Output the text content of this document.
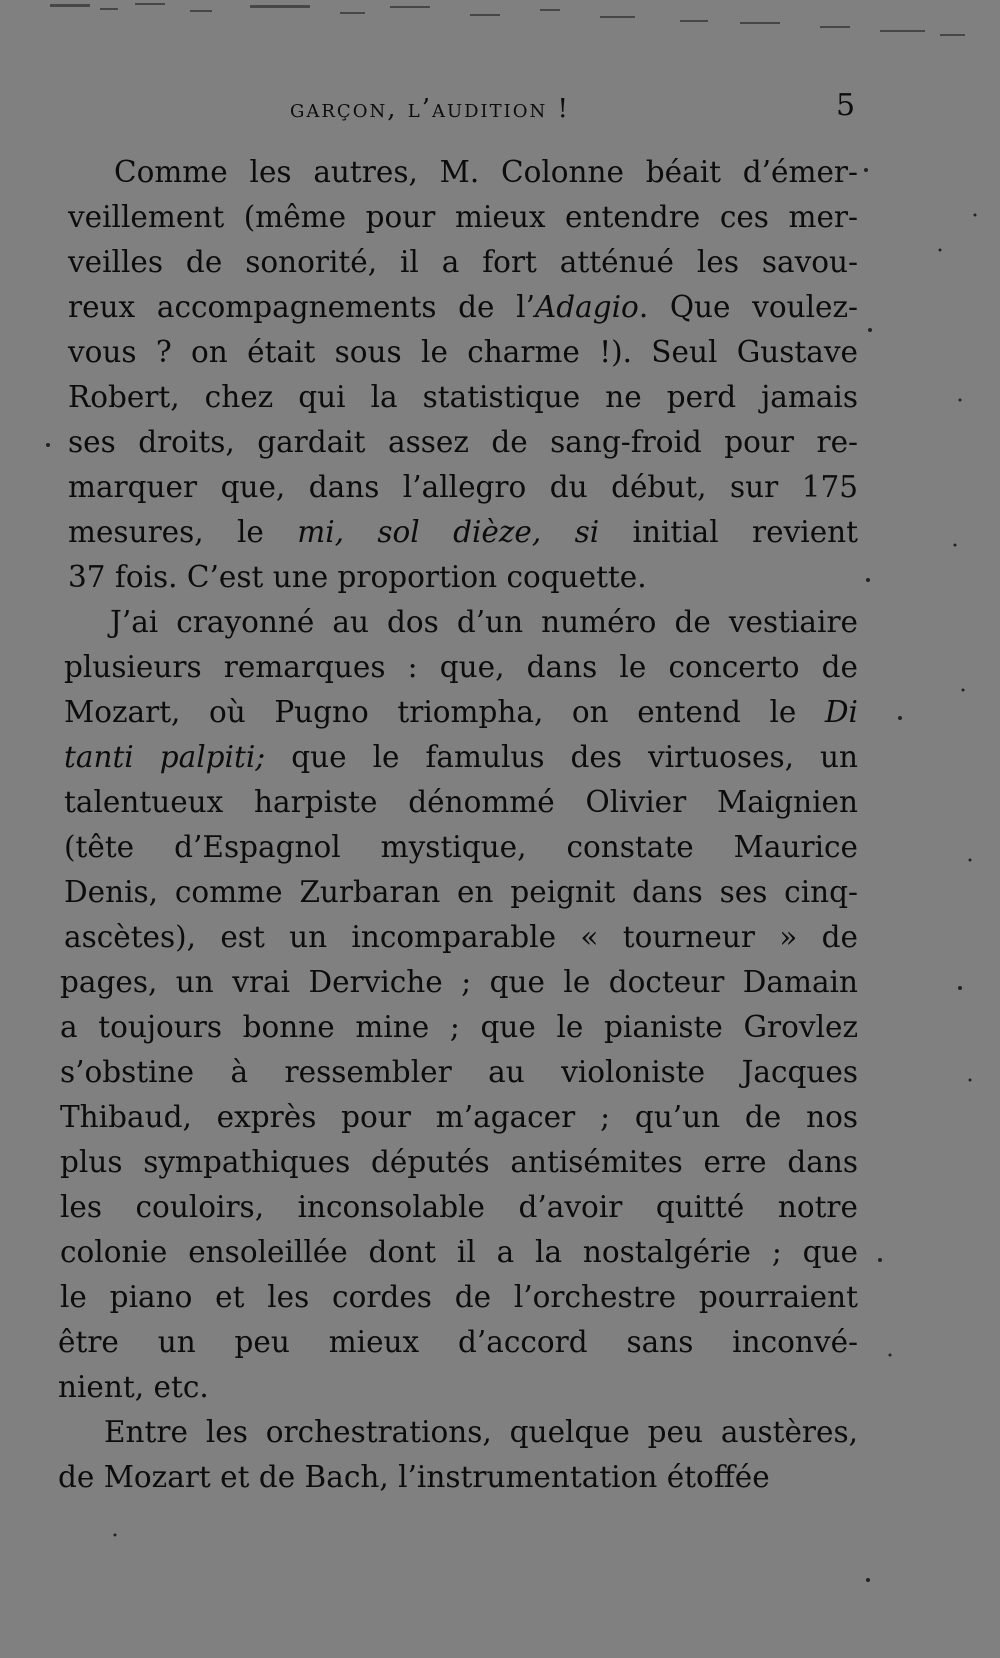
garçon, l’audition !	5
Comme les autres, M. Colonne béait d’émer-
veillement (même pour mieux entendre ces mer-
veilles de sonorité, il a fort atténué les savou-
reux accompagnements de l’Adagio. Que voulez-
vous ? on était sous le charme !). Seul Gustave
Robert, chez qui la statistique ne perd jamais
ses droits, gardait assez de sang-froid pour re-
marquer que, dans l’allegro du début, sur 175
mesures, le mi, sol dièze, si initial revient
37 fois. C’est une proportion coquette.
J’ai crayonné au dos d’un numéro de vestiaire
plusieurs remarques : que, dans le concerto de
Mozart, où Pugno triompha, on entend le Di
tanti palpiti; que le famulus des virtuoses, un
talentueux harpiste dénommé Olivier Maignien
(tête d’Espagnol mystique, constate Maurice
Denis, comme Zurbaran en peignit dans ses cinq-
ascètes), est un incomparable « tourneur » de
pages, un vrai Derviche ; que le docteur Damain
a toujours bonne mine ; que le pianiste Grovlez
s’obstine à ressembler au violoniste Jacques
Thibaud, exprès pour m’agacer ; qu’un de nos
plus sympathiques députés antisémites erre dans
les couloirs, inconsolable d’avoir quitté notre
colonie ensoleillée dont il a la nostalgérie ; que
le piano et les cordes de l’orchestre pourraient
être un peu mieux d’accord sans inconvé-
nient, etc.
Entre les orchestrations, quelque peu austères,
de Mozart et de Bach, l’instrumentation étoffée
